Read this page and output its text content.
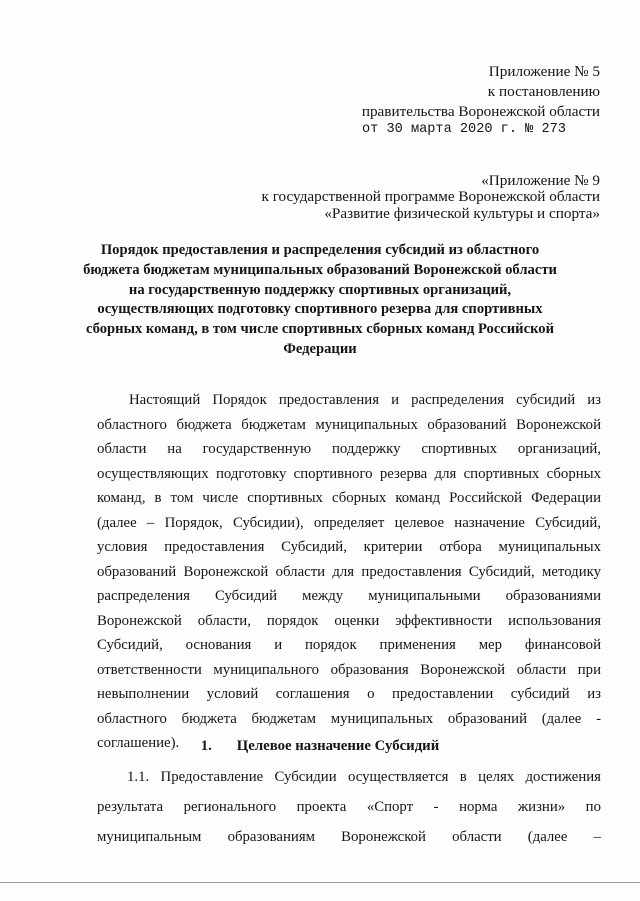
Приложение № 5
к постановлению
правительства Воронежской области
от 30 марта 2020 г. № 273
«Приложение № 9
к государственной программе Воронежской области
«Развитие физической культуры и спорта»
Порядок предоставления и распределения субсидий из областного
бюджета бюджетам муниципальных образований Воронежской области
на государственную поддержку спортивных организаций,
осуществляющих подготовку спортивного резерва для спортивных
сборных команд, в том числе спортивных сборных команд Российской
Федерации
Настоящий Порядок предоставления и распределения субсидий из
областного бюджета бюджетам муниципальных образований Воронежской
области на государственную поддержку спортивных организаций,
осуществляющих подготовку спортивного резерва для спортивных сборных
команд, в том числе спортивных сборных команд Российской Федерации
(далее – Порядок, Субсидии), определяет целевое назначение Субсидий,
условия предоставления Субсидий, критерии отбора муниципальных
образований Воронежской области для предоставления Субсидий, методику
распределения Субсидий между муниципальными образованиями
Воронежской области, порядок оценки эффективности использования
Субсидий, основания и порядок применения мер финансовой
ответственности муниципального образования Воронежской области при
невыполнении условий соглашения о предоставлении субсидий из
областного бюджета бюджетам муниципальных образований (далее -
соглашение).	1. Целевое назначение Субсидий
1.1. Предоставление Субсидии осуществляется в целях достижения
результата регионального проекта «Спорт - норма жизни» по
муниципальным образованиям Воронежской области (далее –
